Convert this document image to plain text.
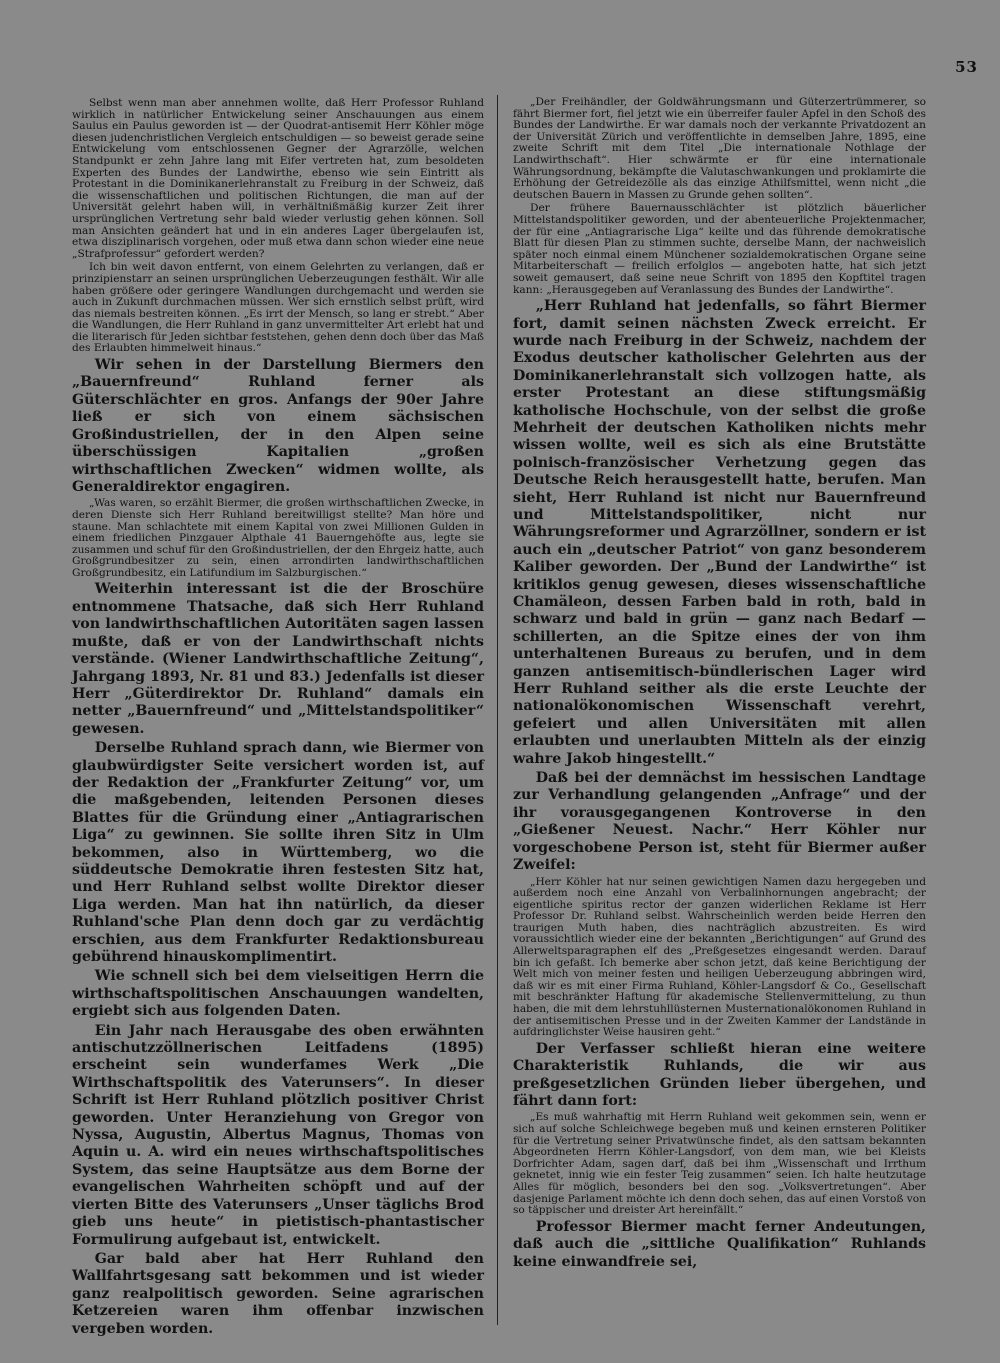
53

Selbst wenn man aber annehmen wollte, daß Herr Professor Ruhland wirklich in natürlicher Entwickelung seiner Anschauungen aus einem Saulus ein Paulus geworden ist — der Quodrat-antisemit Herr Köhler möge diesen judenchristlichen Vergleich entschuldigen — so beweist gerade seine Entwickelung vom entschlossenen Gegner der Agrarzölle, welchen Standpunkt er zehn Jahre lang mit Eifer vertreten hat, zum besoldeten Experten des Bundes der Landwirthe, ebenso wie sein Eintritt als Protestant in die Dominikanerlehranstalt zu Freiburg in der Schweiz, daß die wissenschaftlichen und politischen Richtungen, die man auf der Universität gelehrt haben will, in verhältnißmäßig kurzer Zeit ihrer ursprünglichen Vertretung sehr bald wieder verlustig gehen können. Soll man Ansichten geändert hat und in ein anderes Lager übergelaufen ist, etwa disziplinarisch vorgehen, oder muß etwa dann schon wieder eine neue „Strafprofessur“ gefordert werden?

Ich bin weit davon entfernt, von einem Gelehrten zu verlangen, daß er prinzipienstarr an seinen ursprünglichen Ueberzeugungen festhält. Wir alle haben größere oder geringere Wandlungen durchgemacht und werden sie auch in Zukunft durchmachen müssen. Wer sich ernstlich selbst prüft, wird das niemals bestreiten können. „Es irrt der Mensch, so lang er strebt.“ Aber die Wandlungen, die Herr Ruhland in ganz unvermittelter Art erlebt hat und die literarisch für Jeden sichtbar feststehen, gehen denn doch über das Maß des Erlaubten himmelweit hinaus.“

Wir sehen in der Darstellung Biermers den „Bauernfreund“ Ruhland ferner als Güterschlächter en gros. Anfangs der 90er Jahre ließ er sich von einem sächsischen Großindustriellen, der in den Alpen seine überschüssigen Kapitalien „großen wirthschaftlichen Zwecken“ widmen wollte, als Generaldirektor engagiren.

„Was waren, so erzählt Biermer, die großen wirthschaftlichen Zwecke, in deren Dienste sich Herr Ruhland bereitwilligst stellte? Man höre und staune. Man schlachtete mit einem Kapital von zwei Millionen Gulden in einem friedlichen Pinzgauer Alpthale 41 Bauerngehöfte aus, legte sie zusammen und schuf für den Großindustriellen, der den Ehrgeiz hatte, auch Großgrundbesitzer zu sein, einen arrondirten landwirthschaftlichen Großgrundbesitz, ein Latifundium im Salzburgischen.“

Weiterhin interessant ist die der Broschüre entnommene Thatsache, daß sich Herr Ruhland von landwirthschaftlichen Autoritäten sagen lassen mußte, daß er von der Landwirthschaft nichts verstände. (Wiener Landwirthschaftliche Zeitung“, Jahrgang 1893, Nr. 81 und 83.) Jedenfalls ist dieser Herr „Güterdirektor Dr. Ruhland“ damals ein netter „Bauernfreund“ und „Mittelstandspolitiker“ gewesen.

Derselbe Ruhland sprach dann, wie Biermer von glaubwürdigster Seite versichert worden ist, auf der Redaktion der „Frankfurter Zeitung“ vor, um die maßgebenden, leitenden Personen dieses Blattes für die Gründung einer „Antiagrarischen Liga“ zu gewinnen. Sie sollte ihren Sitz in Ulm bekommen, also in Württemberg, wo die süddeutsche Demokratie ihren festesten Sitz hat, und Herr Ruhland selbst wollte Direktor dieser Liga werden. Man hat ihn natürlich, da dieser Ruhland'sche Plan denn doch gar zu verdächtig erschien, aus dem Frankfurter Redaktionsbureau gebührend hinauskomplimentirt.

Wie schnell sich bei dem vielseitigen Herrn die wirthschaftspolitischen Anschauungen wandelten, ergiebt sich aus folgenden Daten.

Ein Jahr nach Herausgabe des oben erwähnten antischutzzöllnerischen Leitfadens (1895) erscheint sein wunderfames Werk „Die Wirthschaftspolitik des Vaterunsers“. In dieser Schrift ist Herr Ruhland plötzlich positiver Christ geworden. Unter Heranziehung von Gregor von Nyssa, Augustin, Albertus Magnus, Thomas von Aquin u. A. wird ein neues wirthschaftspolitisches System, das seine Hauptsätze aus dem Borne der evangelischen Wahrheiten schöpft und auf der vierten Bitte des Vaterunsers „Unser täglichs Brod gieb uns heute“ in pietistisch-phantastischer Formulirung aufgebaut ist, entwickelt.

Gar bald aber hat Herr Ruhland den Wallfahrtsgesang satt bekommen und ist wieder ganz realpolitisch geworden. Seine agrarischen Ketzereien waren ihm offenbar inzwischen vergeben worden.

„Der Freihändler, der Goldwährungsmann und Güterzertrümmerer, so fährt Biermer fort, fiel jetzt wie ein überreifer fauler Apfel in den Schoß des Bundes der Landwirthe. Er war damals noch der verkannte Privatdozent an der Universität Zürich und veröffentlichte in demselben Jahre, 1895, eine zweite Schrift mit dem Titel „Die internationale Nothlage der Landwirthschaft“. Hier schwärmte er für eine internationale Währungsordnung, bekämpfte die Valutaschwankungen und proklamirte die Erhöhung der Getreidezölle als das einzige Athilfsmittel, wenn nicht „die deutschen Bauern in Massen zu Grunde gehen sollten“.

Der frühere Bauernausschlächter ist plötzlich bäuerlicher Mittelstandspolitiker geworden, und der abenteuerliche Projektenmacher, der für eine „Antiagrarische Liga“ keilte und das führende demokratische Blatt für diesen Plan zu stimmen suchte, derselbe Mann, der nachweislich später noch einmal einem Münchener sozialdemokratischen Organe seine Mitarbeiterschaft — freilich erfolglos — angeboten hatte, hat sich jetzt soweit gemausert, daß seine neue Schrift von 1895 den Kopftitel tragen kann: „Herausgegeben auf Veranlassung des Bundes der Landwirthe“.

„Herr Ruhland hat jedenfalls, so fährt Biermer fort, damit seinen nächsten Zweck erreicht. Er wurde nach Freiburg in der Schweiz, nachdem der Exodus deutscher katholischer Gelehrten aus der Dominikanerlehranstalt sich vollzogen hatte, als erster Protestant an diese stiftungsmäßig katholische Hochschule, von der selbst die große Mehrheit der deutschen Katholiken nichts mehr wissen wollte, weil es sich als eine Brutstätte polnisch-französischer Verhetzung gegen das Deutsche Reich herausgestellt hatte, berufen. Man sieht, Herr Ruhland ist nicht nur Bauernfreund und Mittelstandspolitiker, nicht nur Währungsreformer und Agrarzöllner, sondern er ist auch ein „deutscher Patriot“ von ganz besonderem Kaliber geworden. Der „Bund der Landwirthe“ ist kritiklos genug gewesen, dieses wissenschaftliche Chamäleon, dessen Farben bald in roth, bald in schwarz und bald in grün — ganz nach Bedarf — schillerten, an die Spitze eines der von ihm unterhaltenen Bureaus zu berufen, und in dem ganzen antisemitisch-bündlerischen Lager wird Herr Ruhland seither als die erste Leuchte der nationalökonomischen Wissenschaft verehrt, gefeiert und allen Universitäten mit allen erlaubten und unerlaubten Mitteln als der einzig wahre Jakob hingestellt.“

Daß bei der demnächst im hessischen Landtage zur Verhandlung gelangenden „Anfrage“ und der ihr vorausgegangenen Kontroverse in den „Gießener Neuest. Nachr.“ Herr Köhler nur vorgeschobene Person ist, steht für Biermer außer Zweifel:

„Herr Köhler hat nur seinen gewichtigen Namen dazu hergegeben und außerdem noch eine Anzahl von Verbalinhornungen angebracht; der eigentliche spiritus rector der ganzen widerlichen Reklame ist Herr Professor Dr. Ruhland selbst. Wahrscheinlich werden beide Herren den traurigen Muth haben, dies nachträglich abzustreiten. Es wird voraussichtlich wieder eine der bekannten „Berichtigungen“ auf Grund des Allerweltsparagraphen elf des „Preßgesetzes eingesandt werden. Darauf bin ich gefaßt. Ich bemerke aber schon jetzt, daß keine Berichtigung der Welt mich von meiner festen und heiligen Ueberzeugung abbringen wird, daß wir es mit einer Firma Ruhland, Köhler-Langsdorf & Co., Gesellschaft mit beschränkter Haftung für akademische Stellenvermittelung, zu thun haben, die mit dem lehrstuhllüsternen Musternationalökonomen Ruhland in der antisemitischen Presse und in der Zweiten Kammer der Landstände in aufdringlichster Weise hausiren geht.“

Der Verfasser schließt hieran eine weitere Charakteristik Ruhlands, die wir aus preßgesetzlichen Gründen lieber übergehen, und fährt dann fort:

„Es muß wahrhaftig mit Herrn Ruhland weit gekommen sein, wenn er sich auf solche Schleichwege begeben muß und keinen ernsteren Politiker für die Vertretung seiner Privatwünsche findet, als den sattsam bekannten Abgeordneten Herrn Köhler-Langsdorf, von dem man, wie bei Kleists Dorfrichter Adam, sagen darf, daß bei ihm „Wissenschaft und Irrthum geknetet, innig wie ein fester Teig zusammen“ seien. Ich halte heutzutage Alles für möglich, besonders bei den sog. „Volksvertretungen“. Aber dasjenige Parlament möchte ich denn doch sehen, das auf einen Vorstoß von so täppischer und dreister Art hereinfällt.“

Professor Biermer macht ferner Andeutungen, daß auch die „sittliche Qualifikation“ Ruhlands keine einwandfreie sei,
